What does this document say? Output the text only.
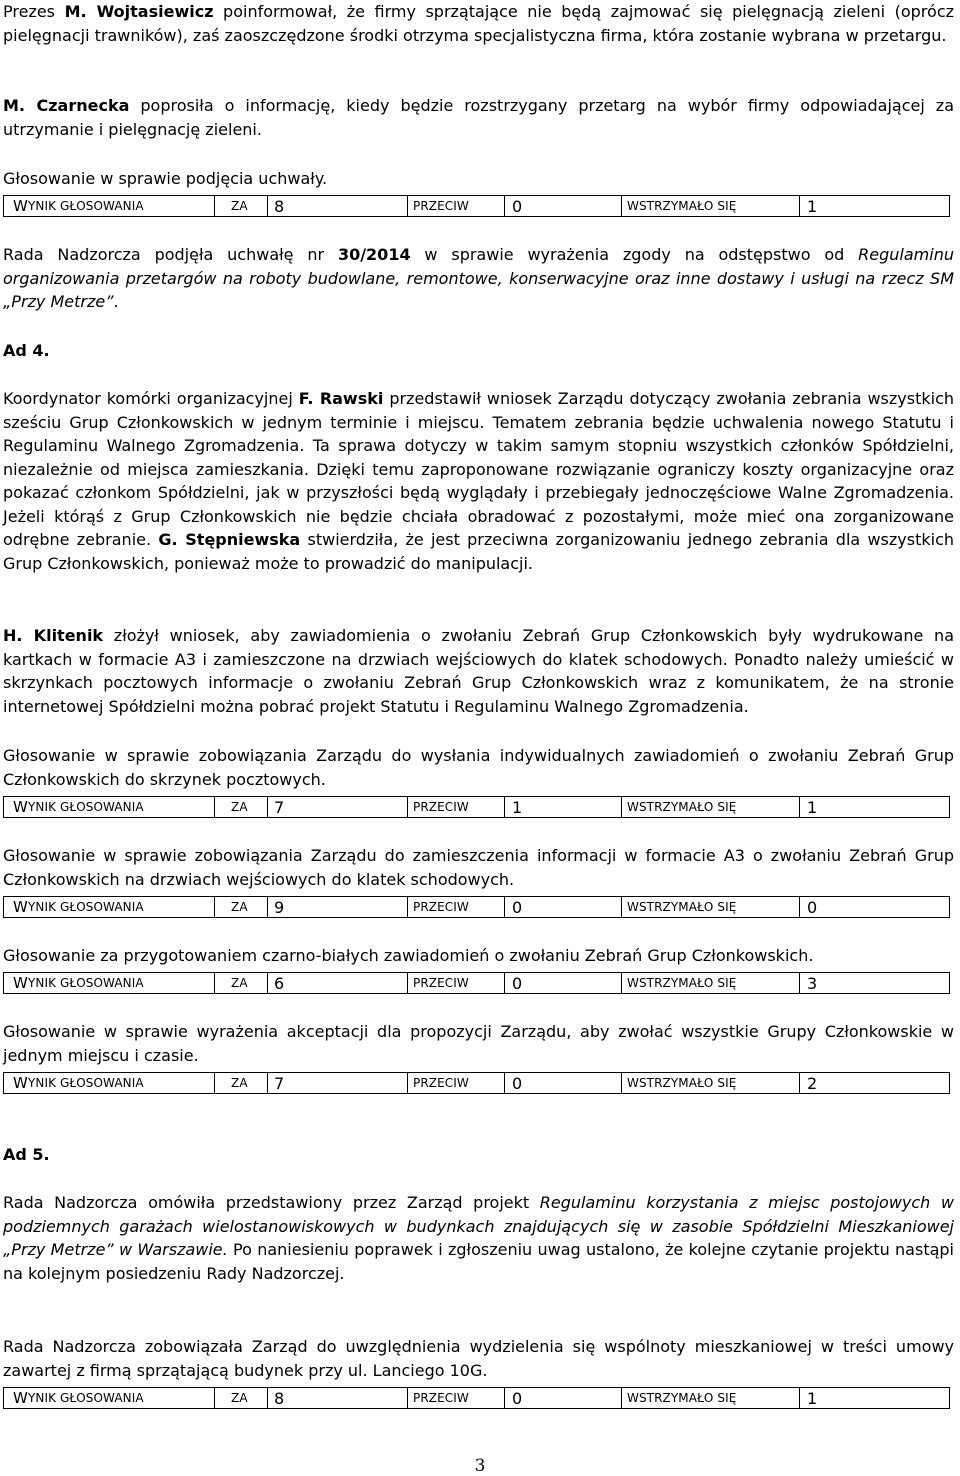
Prezes M. Wojtasiewicz poinformował, że firmy sprzątające nie będą zajmować się pielęgnacją zieleni (oprócz pielęgnacji trawników), zaś zaoszczędzone środki otrzyma specjalistyczna firma, która zostanie wybrana w przetargu.

M. Czarnecka poprosiła o informację, kiedy będzie rozstrzygany przetarg na wybór firmy odpowiadającej za utrzymanie i pielęgnację zieleni.

Głosowanie w sprawie podjęcia uchwały.

W YNIK GŁOSOWANIA	ZA 8	PRZECIW	0	WSTRZYMAŁO SIĘ	1

Rada Nadzorcza podjęła uchwałę nr 30/2014 w sprawie wyrażenia zgody na odstępstwo od Regulaminu organizowania przetargów na roboty budowlane, remontowe, konserwacyjne oraz inne dostawy i usługi na rzecz SM „Przy Metrze”.

Ad 4.

Koordynator komórki organizacyjnej F. Rawski przedstawił wniosek Zarządu dotyczący zwołania zebrania wszystkich sześciu Grup Członkowskich w jednym terminie i miejscu. Tematem zebrania będzie uchwalenia nowego Statutu i Regulaminu Walnego Zgromadzenia. Ta sprawa dotyczy w takim samym stopniu wszystkich członków Spółdzielni, niezależnie od miejsca zamieszkania. Dzięki temu zaproponowane rozwiązanie ograniczy koszty organizacyjne oraz pokazać członkom Spółdzielni, jak w przyszłości będą wyglądały i przebiegały jednoczęściowe Walne Zgromadzenia. Jeżeli którąś z Grup Członkowskich nie będzie chciała obradować z pozostałymi, może mieć ona zorganizowane odrębne zebranie. G. Stępniewska stwierdziła, że jest przeciwna zorganizowaniu jednego zebrania dla wszystkich Grup Członkowskich, ponieważ może to prowadzić do manipulacji.

H. Klitenik złożył wniosek, aby zawiadomienia o zwołaniu Zebrań Grup Członkowskich były wydrukowane na kartkach w formacie A3 i zamieszczone na drzwiach wejściowych do klatek schodowych. Ponadto należy umieścić w skrzynkach pocztowych informacje o zwołaniu Zebrań Grup Członkowskich wraz z komunikatem, że na stronie internetowej Spółdzielni można pobrać projekt Statutu i Regulaminu Walnego Zgromadzenia.

Głosowanie w sprawie zobowiązania Zarządu do wysłania indywidualnych zawiadomień o zwołaniu Zebrań Grup Członkowskich do skrzynek pocztowych.

W YNIK GŁOSOWANIA	ZA 7	PRZECIW	1	WSTRZYMAŁO SIĘ	1

Głosowanie w sprawie zobowiązania Zarządu do zamieszczenia informacji w formacie A3 o zwołaniu Zebrań Grup Członkowskich na drzwiach wejściowych do klatek schodowych.

W YNIK GŁOSOWANIA	ZA 9	PRZECIW	0	WSTRZYMAŁO SIĘ	0

Głosowanie za przygotowaniem czarno-białych zawiadomień o zwołaniu Zebrań Grup Członkowskich.

W YNIK GŁOSOWANIA	ZA 6	PRZECIW	0	WSTRZYMAŁO SIĘ	3

Głosowanie w sprawie wyrażenia akceptacji dla propozycji Zarządu, aby zwołać wszystkie Grupy Członkowskie w jednym miejscu i czasie.

W YNIK GŁOSOWANIA	ZA 7	PRZECIW	0	WSTRZYMAŁO SIĘ	2

Ad 5.

Rada Nadzorcza omówiła przedstawiony przez Zarząd projekt Regulaminu korzystania z miejsc postojowych w podziemnych garażach wielostanowiskowych w budynkach znajdujących się w zasobie Spółdzielni Mieszkaniowej „Przy Metrze” w Warszawie. Po naniesieniu poprawek i zgłoszeniu uwag ustalono, że kolejne czytanie projektu nastąpi na kolejnym posiedzeniu Rady Nadzorczej.

Rada Nadzorcza zobowiązała Zarząd do uwzględnienia wydzielenia się wspólnoty mieszkaniowej w treści umowy zawartej z firmą sprzątającą budynek przy ul. Lanciego 10G.

W YNIK GŁOSOWANIA	ZA 8	PRZECIW	0	WSTRZYMAŁO SIĘ	1
3
